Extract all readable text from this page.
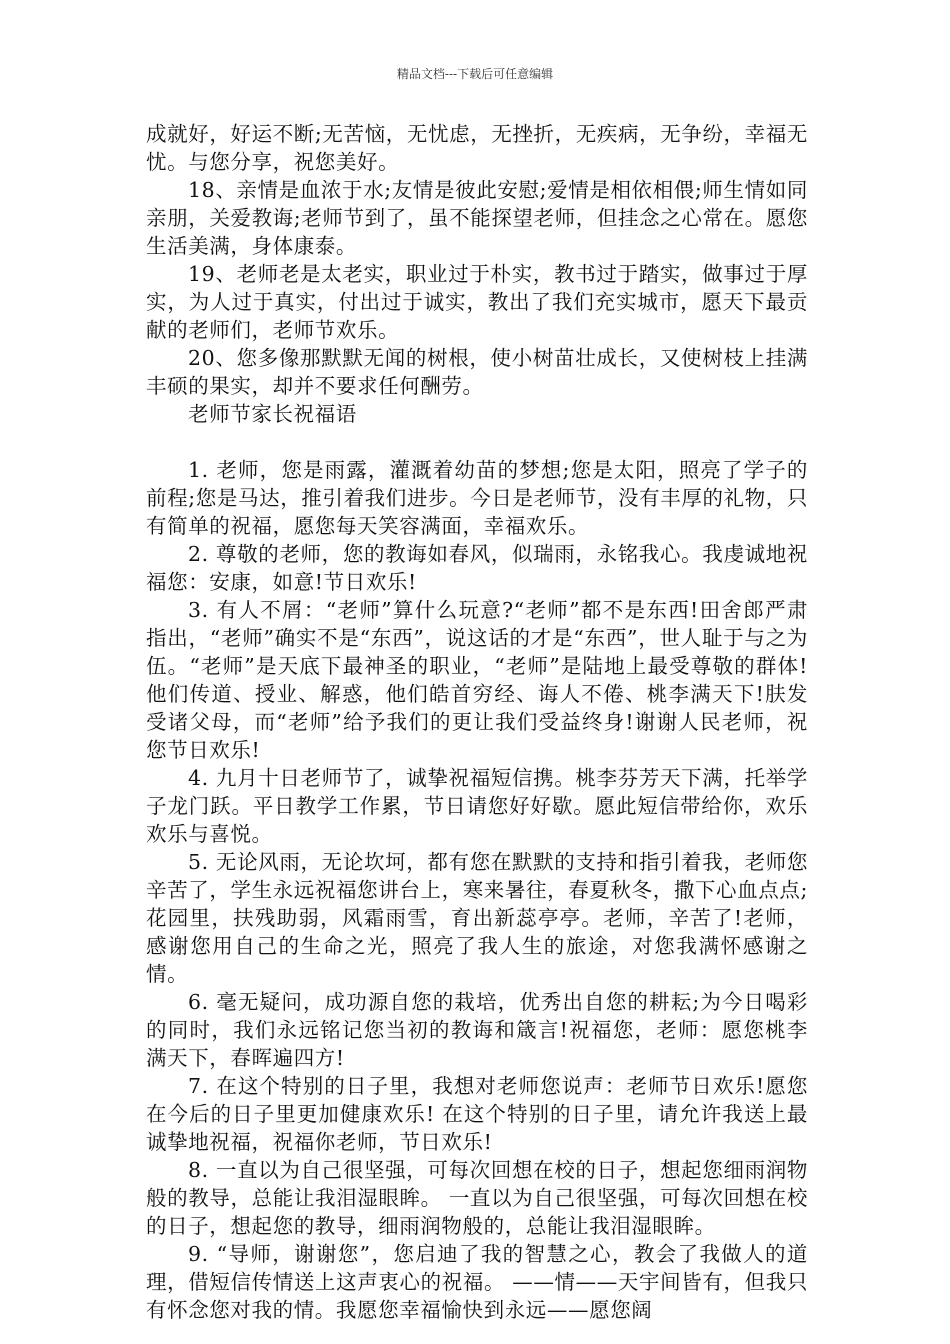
精品文档---下载后可任意编辑

成就好，好运不断;无苦恼，无忧虑，无挫折，无疾病，无争纷，幸福无忧。与您分享，祝您美好。

18、亲情是血浓于水;友情是彼此安慰;爱情是相依相偎;师生情如同亲朋，关爱教诲;老师节到了，虽不能探望老师，但挂念之心常在。愿您生活美满，身体康泰。

19、老师老是太老实，职业过于朴实，教书过于踏实，做事过于厚实，为人过于真实，付出过于诚实，教出了我们充实城市，愿天下最贡献的老师们，老师节欢乐。

20、您多像那默默无闻的树根，使小树苗壮成长，又使树枝上挂满丰硕的果实，却并不要求任何酬劳。

老师节家长祝福语

1. 老师，您是雨露，灌溉着幼苗的梦想;您是太阳，照亮了学子的前程;您是马达，推引着我们进步。今日是老师节，没有丰厚的礼物，只有简单的祝福，愿您每天笑容满面，幸福欢乐。

2. 尊敬的老师，您的教诲如春风，似瑞雨，永铭我心。我虔诚地祝福您：安康，如意!节日欢乐!

3. 有人不屑：“老师”算什么玩意?“老师”都不是东西!田舍郎严肃指出，“老师”确实不是“东西”，说这话的才是“东西”，世人耻于与之为伍。“老师”是天底下最神圣的职业，“老师”是陆地上最受尊敬的群体!他们传道、授业、解惑，他们皓首穷经、诲人不倦、桃李满天下!肤发受诸父母，而“老师”给予我们的更让我们受益终身!谢谢人民老师，祝您节日欢乐!

4. 九月十日老师节了，诚挚祝福短信携。桃李芬芳天下满，托举学子龙门跃。平日教学工作累，节日请您好好歇。愿此短信带给你，欢乐欢乐与喜悦。

5. 无论风雨，无论坎坷，都有您在默默的支持和指引着我，老师您辛苦了，学生永远祝福您讲台上，寒来暑往，春夏秋冬，撒下心血点点;花园里，扶残助弱，风霜雨雪，育出新蕊亭亭。老师，辛苦了!老师，感谢您用自己的生命之光，照亮了我人生的旅途，对您我满怀感谢之情。

6. 毫无疑问，成功源自您的栽培，优秀出自您的耕耘;为今日喝彩的同时，我们永远铭记您当初的教诲和箴言!祝福您，老师：愿您桃李满天下，春晖遍四方!

7. 在这个特别的日子里，我想对老师您说声：老师节日欢乐!愿您在今后的日子里更加健康欢乐! 在这个特别的日子里，请允许我送上最诚挚地祝福，祝福你老师，节日欢乐!

8. 一直以为自己很坚强，可每次回想在校的日子，想起您细雨润物般的教导，总能让我泪湿眼眸。 一直以为自己很坚强，可每次回想在校的日子，想起您的教导，细雨润物般的，总能让我泪湿眼眸。

9. “导师，谢谢您”，您启迪了我的智慧之心，教会了我做人的道理，借短信传情送上这声衷心的祝福。 ——情——天宇间皆有，但我只有怀念您对我的情。我愿您幸福愉快到永远——愿您阔
